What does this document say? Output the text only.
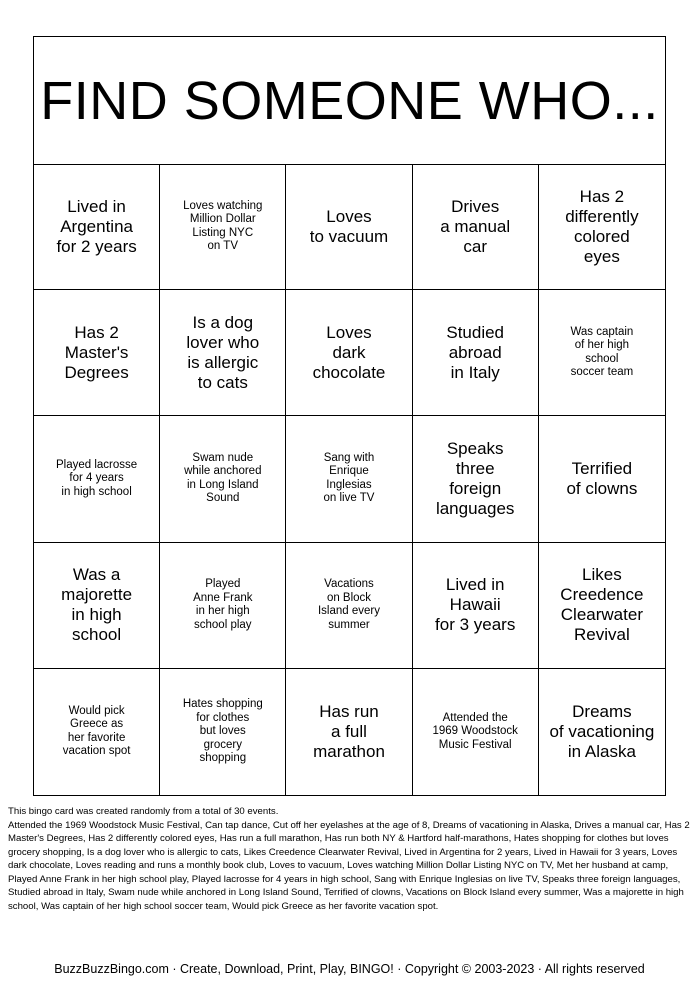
FIND SOMEONE WHO...
Lived in
Argentina
for 2 years
Loves watching
Million Dollar
Listing NYC
on TV
Loves
to vacuum
Drives
a manual
car
Has 2
differently
colored
eyes
Has 2
Master's
Degrees
Is a dog
lover who
is allergic
to cats
Loves
dark
chocolate
Studied
abroad
in Italy
Was captain
of her high
school
soccer team
Played lacrosse
for 4 years
in high school
Swam nude
while anchored
in Long Island
Sound
Sang with
Enrique
Inglesias
on live TV
Speaks
three
foreign
languages
Terrified
of clowns
Was a
majorette
in high
school
Played
Anne Frank
in her high
school play
Vacations
on Block
Island every
summer
Lived in
Hawaii
for 3 years
Likes
Creedence
Clearwater
Revival
Would pick
Greece as
her favorite
vacation spot
Hates shopping
for clothes
but loves
grocery
shopping
Has run
a full
marathon
Attended the
1969 Woodstock
Music Festival
Dreams
of vacationing
in Alaska

This bingo card was created randomly from a total of 30 events.

Attended the 1969 Woodstock Music Festival, Can tap dance, Cut off her eyelashes at the age of 8, Dreams of vacationing in Alaska, Drives a manual car, Has 2 Master's Degrees, Has 2 differently colored eyes, Has run a full marathon, Has run both NY & Hartford half-marathons, Hates shopping for clothes but loves grocery shopping, Is a dog lover who is allergic to cats, Likes Creedence Clearwater Revival, Lived in Argentina for 2 years, Lived in Hawaii for 3 years, Loves dark chocolate, Loves reading and runs a monthly book club, Loves to vacuum, Loves watching Million Dollar Listing NYC on TV, Met her husband at camp, Played Anne Frank in her high school play, Played lacrosse for 4 years in high school, Sang with Enrique Inglesias on live TV, Speaks three foreign languages, Studied abroad in Italy, Swam nude while anchored in Long Island Sound, Terrified of clowns, Vacations on Block Island every summer, Was a majorette in high school, Was captain of her high school soccer team, Would pick Greece as her favorite vacation spot.

BuzzBuzzBingo.com · Create, Download, Print, Play, BINGO! · Copyright © 2003-2023 · All rights reserved
